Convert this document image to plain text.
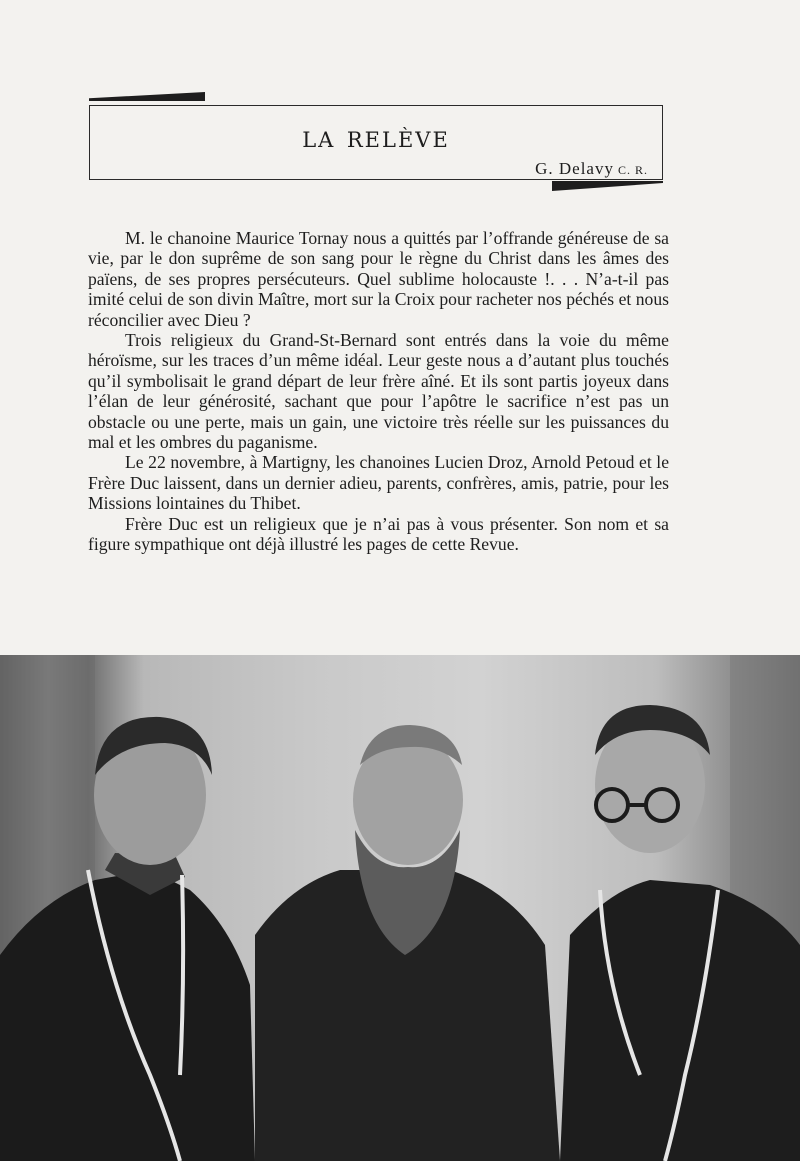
la relève
G. Delavy C. R.

M. le chanoine Maurice Tornay nous a quittés par l’offrande généreuse de sa vie, par le don suprême de son sang pour le règne du Christ dans les âmes des païens, de ses propres persécuteurs. Quel sublime holocauste !. . . N’a-t-il pas imité celui de son divin Maître, mort sur la Croix pour racheter nos péchés et nous réconcilier avec Dieu ?

Trois religieux du Grand-St-Bernard sont entrés dans la voie du même héroïsme, sur les traces d’un même idéal. Leur geste nous a d’autant plus touchés qu’il symbolisait le grand départ de leur frère aîné. Et ils sont partis joyeux dans l’élan de leur générosité, sachant que pour l’apôtre le sacrifice n’est pas un obstacle ou une perte, mais un gain, une victoire très réelle sur les puissances du mal et les ombres du paganisme.

Le 22 novembre, à Martigny, les chanoines Lucien Droz, Arnold Petoud et le Frère Duc laissent, dans un dernier adieu, parents, confrères, amis, patrie, pour les Missions lointaines du Thibet.

Frère Duc est un religieux que je n’ai pas à vous présenter. Son nom et sa figure sympathique ont déjà illustré les pages de cette Revue.
